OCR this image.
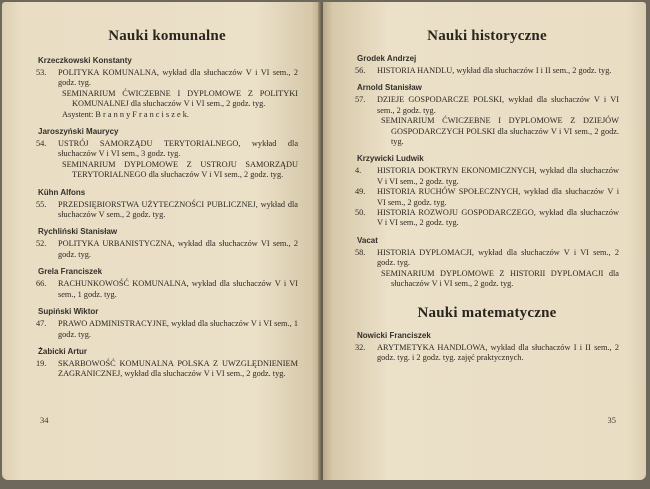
Nauki komunalne
Krzeczkowski Konstanty
53.	POLITYKA KOMUNALNA, wykład dla słuchaczów V i VI sem., 2 godz. tyg.

SEMINARIUM ĆWICZEBNE I DYPLOMOWE Z POLITYKI KOMUNALNEJ dla słuchaczów V i VI sem., 2 godz. tyg.

Asystent: B r a n n y F r a n c i s z e k.

Jaroszyński Maurycy
54.	USTRÓJ SAMORZĄDU TERYTORIALNEGO, wykład dla słuchaczów V i VI sem., 3 godz. tyg.

SEMINARIUM DYPLOMOWE Z USTROJU SAMORZĄDU TERYTORIALNEGO dla słuchaczów V i VI sem., 2 godz. tyg.

Kühn Alfons
55.	PRZEDSIĘBIORSTWA UŻYTECZNOŚCI PUBLICZNEJ, wykład dla słuchaczów V sem., 2 godz. tyg.

Rychliński Stanisław
52.	POLITYKA URBANISTYCZNA, wykład dla słuchaczów VI sem., 2 godz. tyg.

Grela Franciszek
66.	RACHUNKOWOŚĆ KOMUNALNA, wykład dla słuchaczów V i VI sem., 1 godz. tyg.

Supiński Wiktor
47.	PRAWO ADMINISTRACYJNE, wykład dla słuchaczów V i VI sem., 1 godz. tyg.

Żabicki Artur
19.	SKARBOWOŚĆ KOMUNALNA POLSKA Z UWZGLĘDNIENIEM ZAGRANICZNEJ, wykład dla słuchaczów V i VI sem., 2 godz. tyg.

34
Nauki historyczne
Grodek Andrzej
56.	HISTORIA HANDLU, wykład dla słuchaczów I i II sem., 2 godz. tyg.

Arnold Stanisław
57.	DZIEJE GOSPODARCZE POLSKI, wykład dla słuchaczów V i VI sem., 2 godz. tyg.

SEMINARIUM ĆWICZEBNE I DYPLOMOWE Z DZIEJÓW GOSPODARCZYCH POLSKI dla słuchaczów V i VI sem., 2 godz. tyg.

Krzywicki Ludwik
4.	HISTORIA DOKTRYN EKONOMICZNYCH, wykład dla słuchaczów V i VI sem., 2 godz. tyg.

49.	HISTORIA RUCHÓW SPOŁECZNYCH, wykład dla słuchaczów V i VI sem., 2 godz. tyg.

50.	HISTORIA ROZWOJU GOSPODARCZEGO, wykład dla słuchaczów V i VI sem., 2 godz. tyg.

Vacat
58.	HISTORIA DYPLOMACJI, wykład dla słuchaczów V i VI sem., 2 godz. tyg.

SEMINARIUM DYPLOMOWE Z HISTORII DYPLOMACJI dla słuchaczów V i VI sem., 2 godz. tyg.

Nauki matematyczne
Nowicki Franciszek
32.	ARYTMETYKA HANDLOWA, wykład dla słuchaczów I i II sem., 2 godz. tyg. i 2 godz. tyg. zajęć praktycznych.

35
